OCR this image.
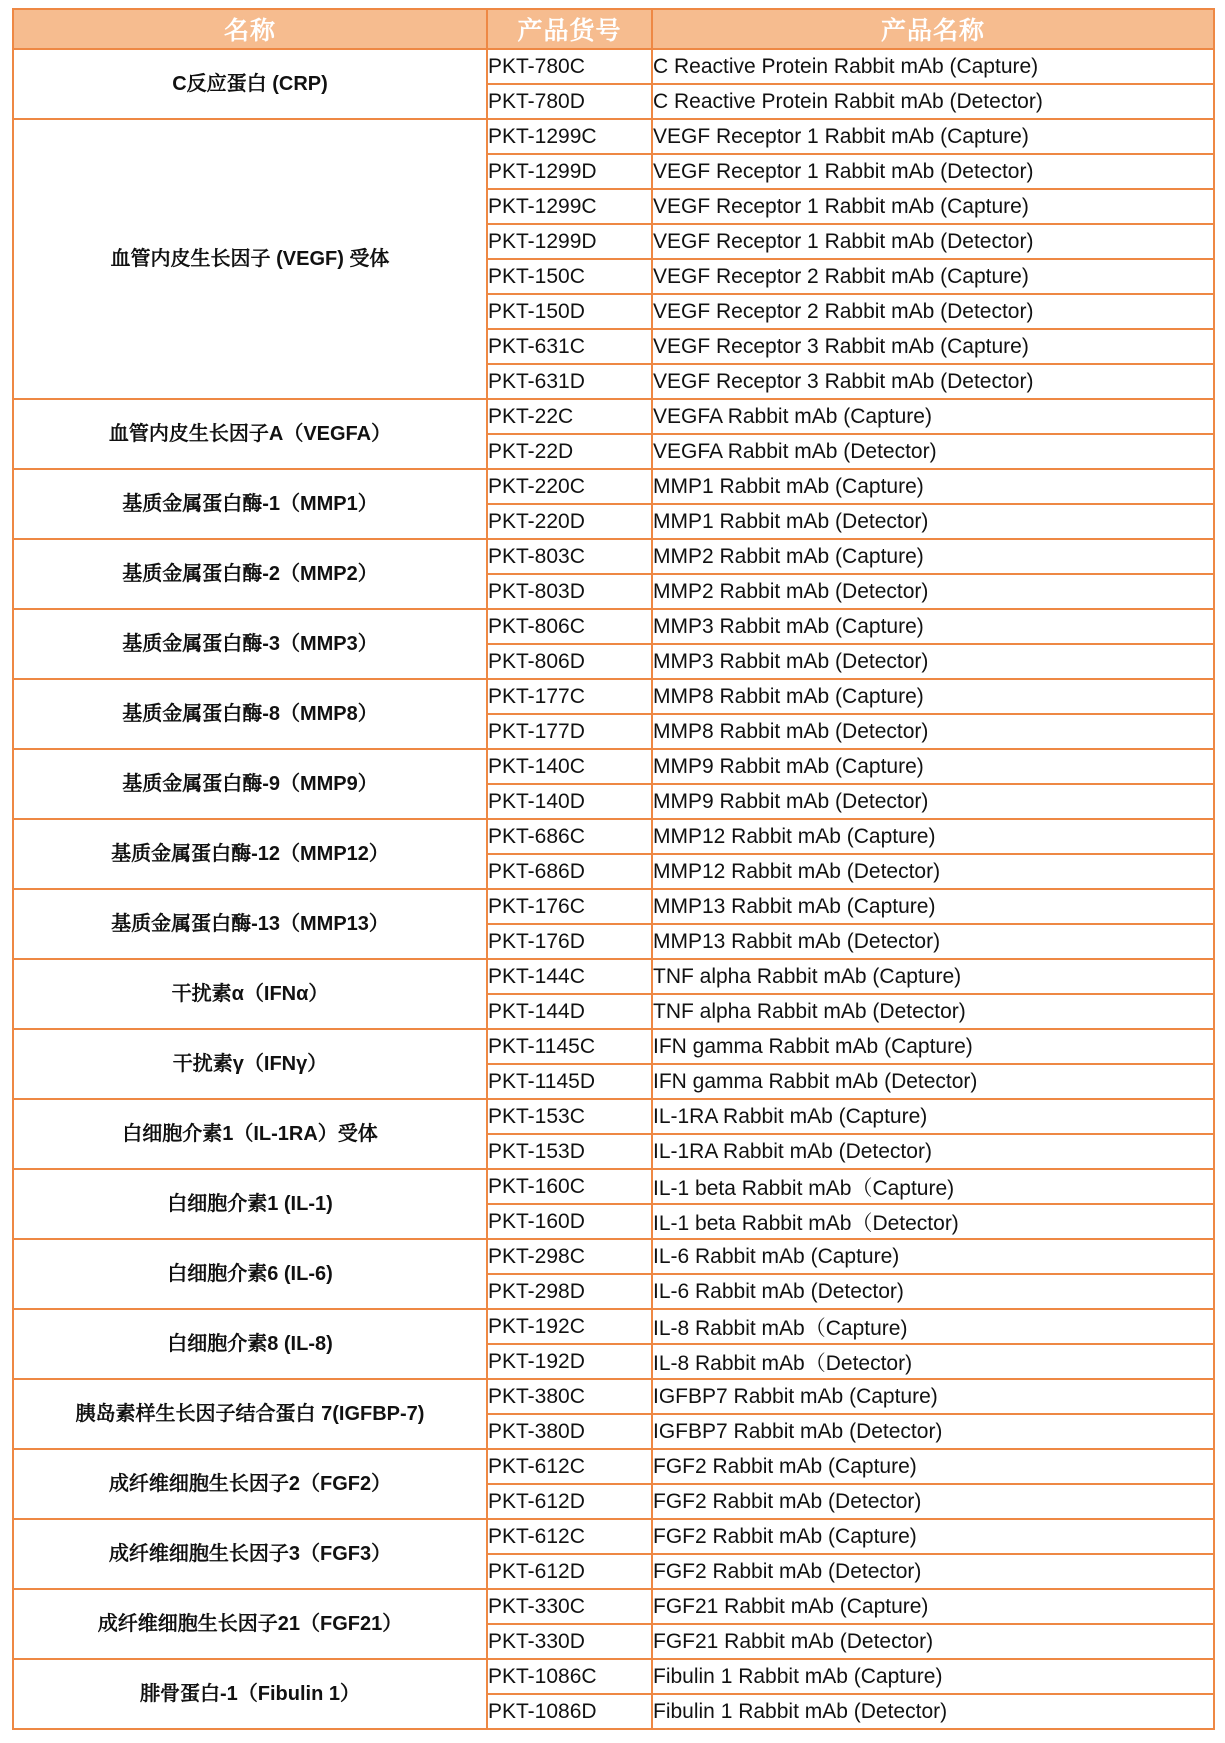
名称	产品货号	产品名称
C反应蛋白 (CRP)	PKT-780C	C Reactive Protein Rabbit mAb (Capture)
	PKT-780D	C Reactive Protein Rabbit mAb (Detector)
血管内皮生长因子 (VEGF) 受体	PKT-1299C	VEGF Receptor 1 Rabbit mAb (Capture)
	PKT-1299D	VEGF Receptor 1 Rabbit mAb (Detector)
	PKT-1299C	VEGF Receptor 1 Rabbit mAb (Capture)
	PKT-1299D	VEGF Receptor 1 Rabbit mAb (Detector)
	PKT-150C	VEGF Receptor 2 Rabbit mAb (Capture)
	PKT-150D	VEGF Receptor 2 Rabbit mAb (Detector)
	PKT-631C	VEGF Receptor 3 Rabbit mAb (Capture)
	PKT-631D	VEGF Receptor 3 Rabbit mAb (Detector)
血管内皮生长因子A（VEGFA）	PKT-22C	VEGFA Rabbit mAb (Capture)
	PKT-22D	VEGFA Rabbit mAb (Detector)
基质金属蛋白酶-1（MMP1）	PKT-220C	MMP1 Rabbit mAb (Capture)
	PKT-220D	MMP1 Rabbit mAb (Detector)
基质金属蛋白酶-2（MMP2）	PKT-803C	MMP2 Rabbit mAb (Capture)
	PKT-803D	MMP2 Rabbit mAb (Detector)
基质金属蛋白酶-3（MMP3）	PKT-806C	MMP3 Rabbit mAb (Capture)
	PKT-806D	MMP3 Rabbit mAb (Detector)
基质金属蛋白酶-8（MMP8）	PKT-177C	MMP8 Rabbit mAb (Capture)
	PKT-177D	MMP8 Rabbit mAb (Detector)
基质金属蛋白酶-9（MMP9）	PKT-140C	MMP9 Rabbit mAb (Capture)
	PKT-140D	MMP9 Rabbit mAb (Detector)
基质金属蛋白酶-12（MMP12）	PKT-686C	MMP12 Rabbit mAb (Capture)
	PKT-686D	MMP12 Rabbit mAb (Detector)
基质金属蛋白酶-13（MMP13）	PKT-176C	MMP13 Rabbit mAb (Capture)
	PKT-176D	MMP13 Rabbit mAb (Detector)
干扰素α（IFNα）	PKT-144C	TNF alpha Rabbit mAb (Capture)
	PKT-144D	TNF alpha Rabbit mAb (Detector)
干扰素γ（IFNγ）	PKT-1145C	IFN gamma Rabbit mAb (Capture)
	PKT-1145D	IFN gamma Rabbit mAb (Detector)
白细胞介素1（IL-1RA）受体	PKT-153C	IL-1RA Rabbit mAb (Capture)
	PKT-153D	IL-1RA Rabbit mAb (Detector)
白细胞介素1 (IL-1)	PKT-160C	IL-1 beta Rabbit mAb（Capture)
	PKT-160D	IL-1 beta Rabbit mAb（Detector)
白细胞介素6 (IL-6)	PKT-298C	IL-6 Rabbit mAb (Capture)
	PKT-298D	IL-6 Rabbit mAb (Detector)
白细胞介素8 (IL-8)	PKT-192C	IL-8 Rabbit mAb（Capture)
	PKT-192D	IL-8 Rabbit mAb（Detector)
胰岛素样生长因子结合蛋白 7(IGFBP-7)	PKT-380C	IGFBP7 Rabbit mAb (Capture)
	PKT-380D	IGFBP7 Rabbit mAb (Detector)
成纤维细胞生长因子2（FGF2）	PKT-612C	FGF2 Rabbit mAb (Capture)
	PKT-612D	FGF2 Rabbit mAb (Detector)
成纤维细胞生长因子3（FGF3）	PKT-612C	FGF2 Rabbit mAb (Capture)
	PKT-612D	FGF2 Rabbit mAb (Detector)
成纤维细胞生长因子21（FGF21）	PKT-330C	FGF21 Rabbit mAb (Capture)
	PKT-330D	FGF21 Rabbit mAb (Detector)
腓骨蛋白-1（Fibulin 1）	PKT-1086C	Fibulin 1 Rabbit mAb (Capture)
	PKT-1086D	Fibulin 1 Rabbit mAb (Detector)
